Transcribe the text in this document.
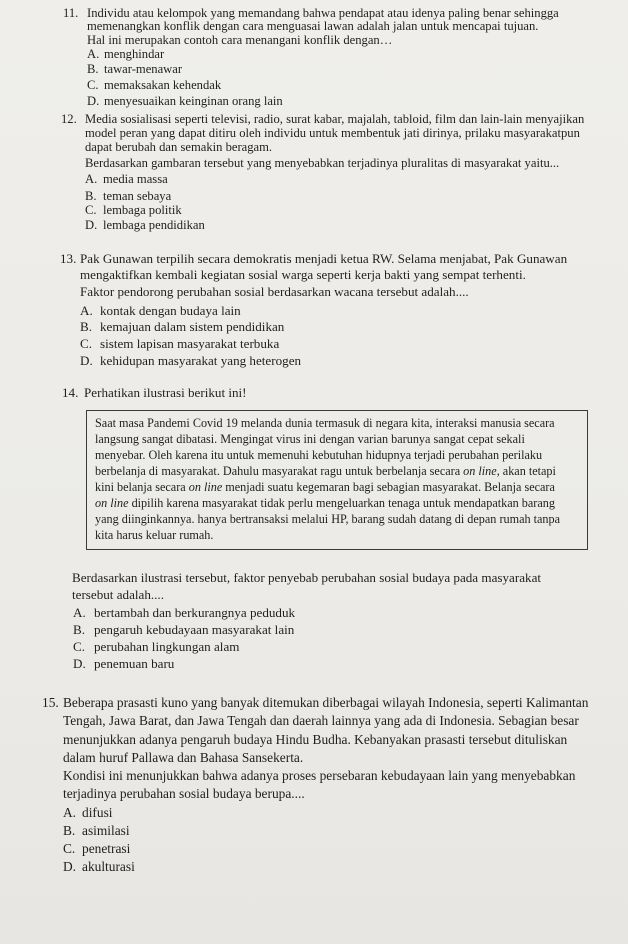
11. Individu atau kelompok yang memandang bahwa pendapat atau idenya paling benar sehingga
memenangkan konflik dengan cara menguasai lawan adalah jalan untuk mencapai tujuan.
Hal ini merupakan contoh cara menangani konflik dengan…
A. menghindar
B. tawar-menawar
C. memaksakan kehendak
D. menyesuaikan keinginan orang lain
12. Media sosialisasi seperti televisi, radio, surat kabar, majalah, tabloid, film dan lain-lain menyajikan
model peran yang dapat ditiru oleh individu untuk membentuk jati dirinya, prilaku masyarakatpun
dapat berubah dan semakin beragam.
Berdasarkan gambaran tersebut yang menyebabkan terjadinya pluralitas di masyarakat yaitu...
A. media massa
B. teman sebaya
C. lembaga politik
D. lembaga pendidikan
13. Pak Gunawan terpilih secara demokratis menjadi ketua RW. Selama menjabat, Pak Gunawan
mengaktifkan kembali kegiatan sosial warga seperti kerja bakti yang sempat terhenti.
Faktor pendorong perubahan sosial berdasarkan wacana tersebut adalah....
A. kontak dengan budaya lain
B. kemajuan dalam sistem pendidikan
C. sistem lapisan masyarakat terbuka
D. kehidupan masyarakat yang heterogen
14. Perhatikan ilustrasi berikut ini!
Saat masa Pandemi Covid 19 melanda dunia termasuk di negara kita, interaksi manusia secara
langsung sangat dibatasi. Mengingat virus ini dengan varian barunya sangat cepat sekali
menyebar. Oleh karena itu untuk memenuhi kebutuhan hidupnya terjadi perubahan perilaku
berbelanja di masyarakat. Dahulu masyarakat ragu untuk berbelanja secara on line, akan tetapi
kini belanja secara on line menjadi suatu kegemaran bagi sebagian masyarakat. Belanja secara
on line dipilih karena masyarakat tidak perlu mengeluarkan tenaga untuk mendapatkan barang
yang diinginkannya. hanya bertransaksi melalui HP, barang sudah datang di depan rumah tanpa
kita harus keluar rumah.
Berdasarkan ilustrasi tersebut, faktor penyebab perubahan sosial budaya pada masyarakat
tersebut adalah....
A. bertambah dan berkurangnya peduduk
B. pengaruh kebudayaan masyarakat lain
C. perubahan lingkungan alam
D. penemuan baru
15. Beberapa prasasti kuno yang banyak ditemukan diberbagai wilayah Indonesia, seperti Kalimantan
Tengah, Jawa Barat, dan Jawa Tengah dan daerah lainnya yang ada di Indonesia. Sebagian besar
menunjukkan adanya pengaruh budaya Hindu Budha. Kebanyakan prasasti tersebut dituliskan
dalam huruf Pallawa dan Bahasa Sansekerta.
Kondisi ini menunjukkan bahwa adanya proses persebaran kebudayaan lain yang menyebabkan
terjadinya perubahan sosial budaya berupa....
A. difusi
B. asimilasi
C. penetrasi
D. akulturasi
